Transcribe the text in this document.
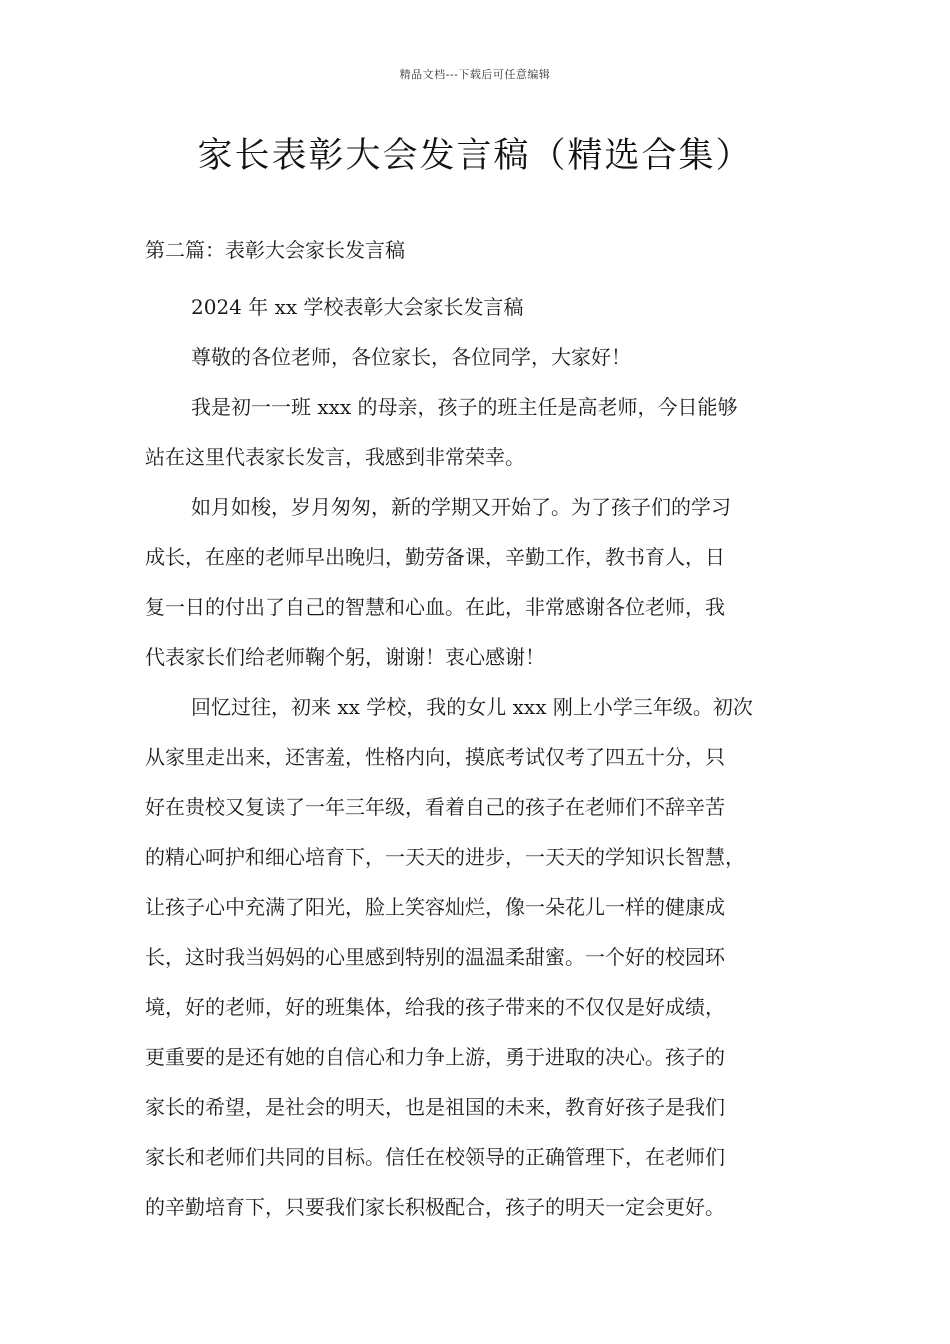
精品文档---下载后可任意编辑
家长表彰大会发言稿（精选合集）
第二篇：表彰大会家长发言稿

2024 年 xx 学校表彰大会家长发言稿

尊敬的各位老师，各位家长，各位同学，大家好！

我是初一一班 xxx 的母亲，孩子的班主任是高老师，今日能够
站在这里代表家长发言，我感到非常荣幸。

如月如梭，岁月匆匆，新的学期又开始了。为了孩子们的学习
成长，在座的老师早出晚归，勤劳备课，辛勤工作，教书育人，日
复一日的付出了自己的智慧和心血。在此，非常感谢各位老师，我
代表家长们给老师鞠个躬，谢谢！衷心感谢！

回忆过往，初来 xx 学校，我的女儿 xxx 刚上小学三年级。初次
从家里走出来，还害羞，性格内向，摸底考试仅考了四五十分，只
好在贵校又复读了一年三年级，看着自己的孩子在老师们不辞辛苦
的精心呵护和细心培育下，一天天的进步，一天天的学知识长智慧，
让孩子心中充满了阳光，脸上笑容灿烂，像一朵花儿一样的健康成
长，这时我当妈妈的心里感到特别的温温柔甜蜜。一个好的校园环
境，好的老师，好的班集体，给我的孩子带来的不仅仅是好成绩，
更重要的是还有她的自信心和力争上游，勇于进取的决心。孩子的
家长的希望，是社会的明天，也是祖国的未来，教育好孩子是我们
家长和老师们共同的目标。信任在校领导的正确管理下，在老师们
的辛勤培育下，只要我们家长积极配合，孩子的明天一定会更好。
